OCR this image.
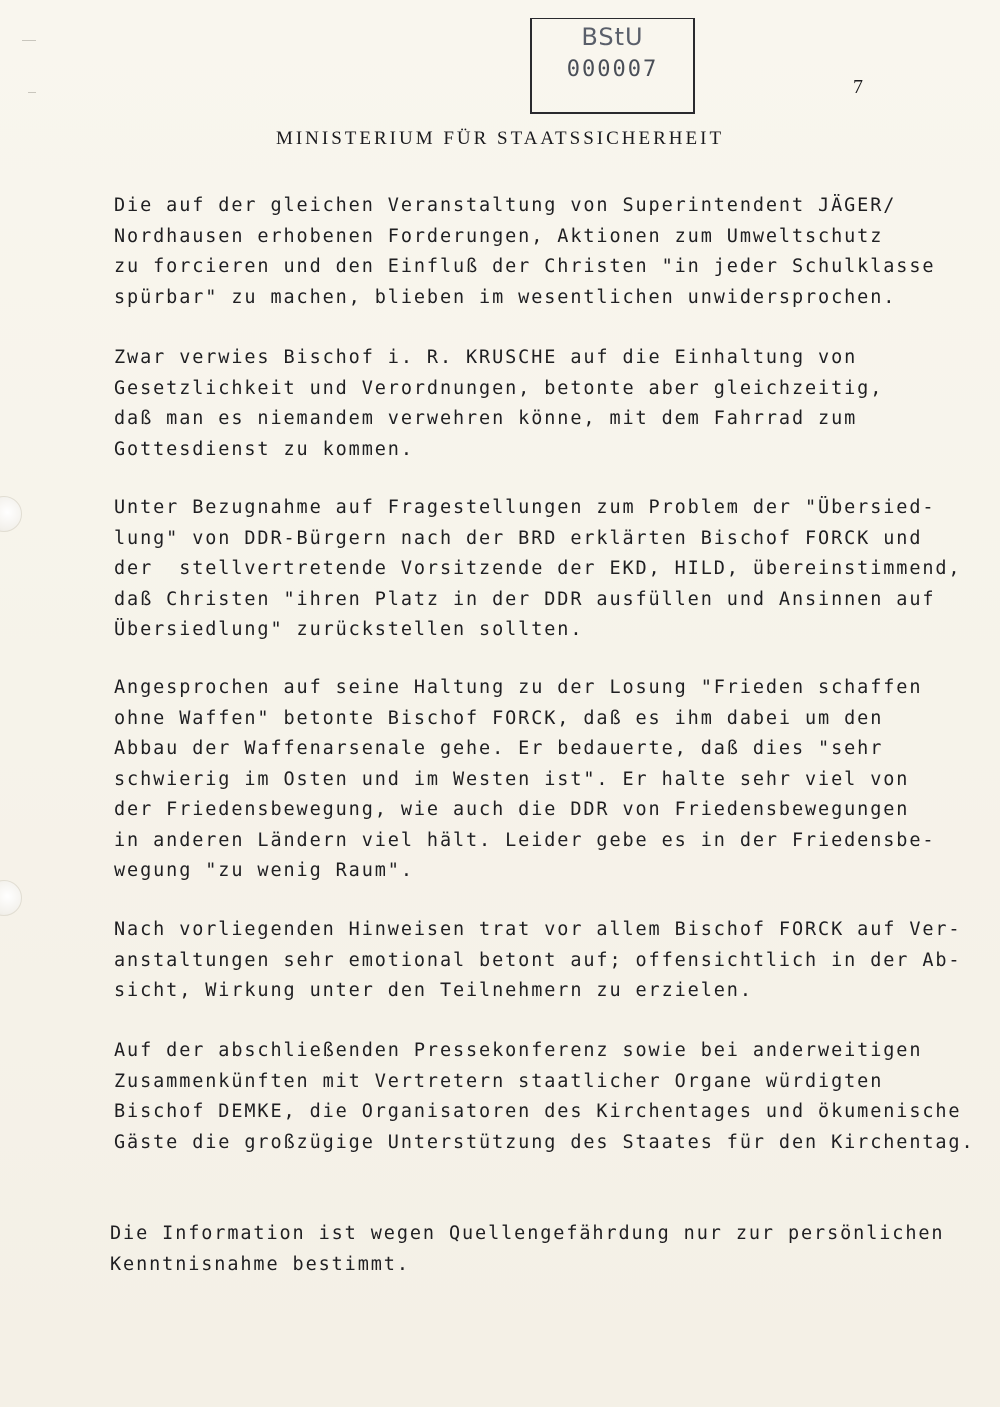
BStU
000007
7
MINISTERIUM FÜR STAATSSICHERHEIT
Die auf der gleichen Veranstaltung von Superintendent JÄGER/
Nordhausen erhobenen Forderungen, Aktionen zum Umweltschutz
zu forcieren und den Einfluß der Christen "in jeder Schulklasse
spürbar" zu machen, blieben im wesentlichen unwidersprochen.
Zwar verwies Bischof i. R. KRUSCHE auf die Einhaltung von
Gesetzlichkeit und Verordnungen, betonte aber gleichzeitig,
daß man es niemandem verwehren könne, mit dem Fahrrad zum
Gottesdienst zu kommen.
Unter Bezugnahme auf Fragestellungen zum Problem der "Übersied-
lung" von DDR-Bürgern nach der BRD erklärten Bischof FORCK und
der  stellvertretende Vorsitzende der EKD, HILD, übereinstimmend,
daß Christen "ihren Platz in der DDR ausfüllen und Ansinnen auf
Übersiedlung" zurückstellen sollten.
Angesprochen auf seine Haltung zu der Losung "Frieden schaffen
ohne Waffen" betonte Bischof FORCK, daß es ihm dabei um den
Abbau der Waffenarsenale gehe. Er bedauerte, daß dies "sehr
schwierig im Osten und im Westen ist". Er halte sehr viel von
der Friedensbewegung, wie auch die DDR von Friedensbewegungen
in anderen Ländern viel hält. Leider gebe es in der Friedensbe-
wegung "zu wenig Raum".
Nach vorliegenden Hinweisen trat vor allem Bischof FORCK auf Ver-
anstaltungen sehr emotional betont auf; offensichtlich in der Ab-
sicht, Wirkung unter den Teilnehmern zu erzielen.
Auf der abschließenden Pressekonferenz sowie bei anderweitigen
Zusammenkünften mit Vertretern staatlicher Organe würdigten
Bischof DEMKE, die Organisatoren des Kirchentages und ökumenische
Gäste die großzügige Unterstützung des Staates für den Kirchentag.
Die Information ist wegen Quellengefährdung nur zur persönlichen
Kenntnisnahme bestimmt.
